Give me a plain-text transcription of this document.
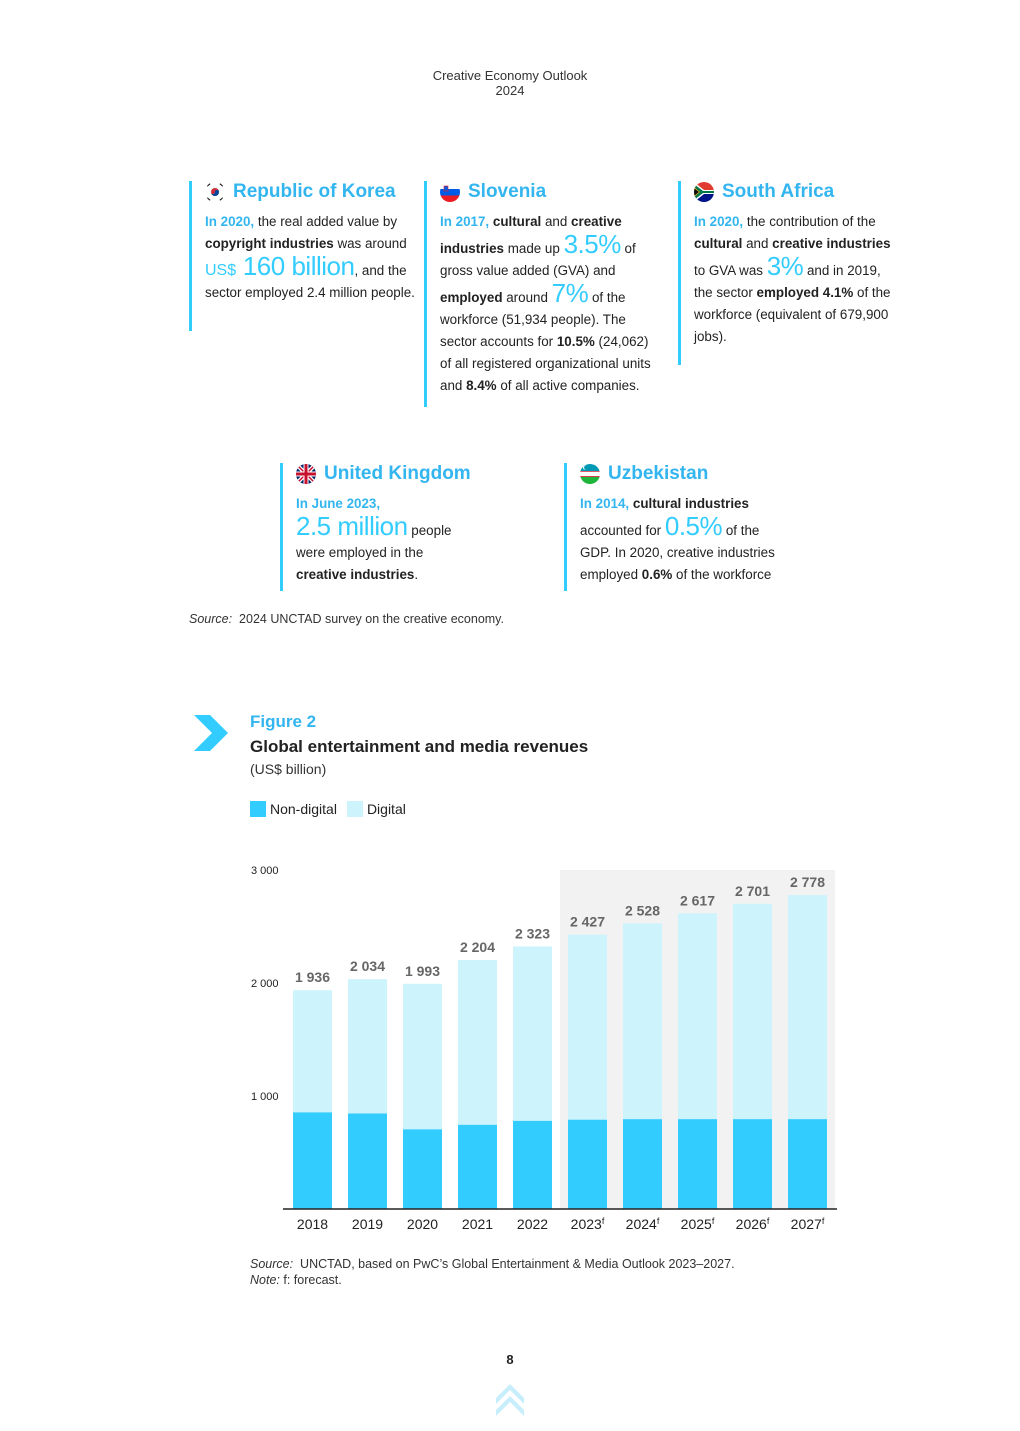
Creative Economy Outlook
2024
Republic of Korea
In 2020, the real added value by copyright industries was around US$ 160 billion, and the sector employed 2.4 million people.
Slovenia
In 2017, cultural and creative industries made up 3.5% of gross value added (GVA) and employed around 7% of the workforce (51,934 people). The sector accounts for 10.5% (24,062) of all registered organizational units and 8.4% of all active companies.
South Africa
In 2020, the contribution of the cultural and creative industries to GVA was 3% and in 2019, the sector employed 4.1% of the workforce (equivalent of 679,900 jobs).
United Kingdom
In June 2023,
2.5 million people were employed in the creative industries.
Uzbekistan
In 2014, cultural industries accounted for 0.5% of the GDP. In 2020, creative industries employed 0.6% of the workforce
Source: 2024 UNCTAD survey on the creative economy.
Figure 2
Global entertainment and media revenues
(US$ billion)
Non-digital Digital
1 000
2 000
3 000
1 936
2018
2 034
2019
1 993
2020
2 204
2021
2 323
2022
2 427
2023$^f$
2 528
2024$^f$
2 617
2025$^f$
2 701
2026$^f$
2 778
2027$^f$
Source: UNCTAD, based on PwC’s Global Entertainment & Media Outlook 2023–2027.
Note: f: forecast.
8
